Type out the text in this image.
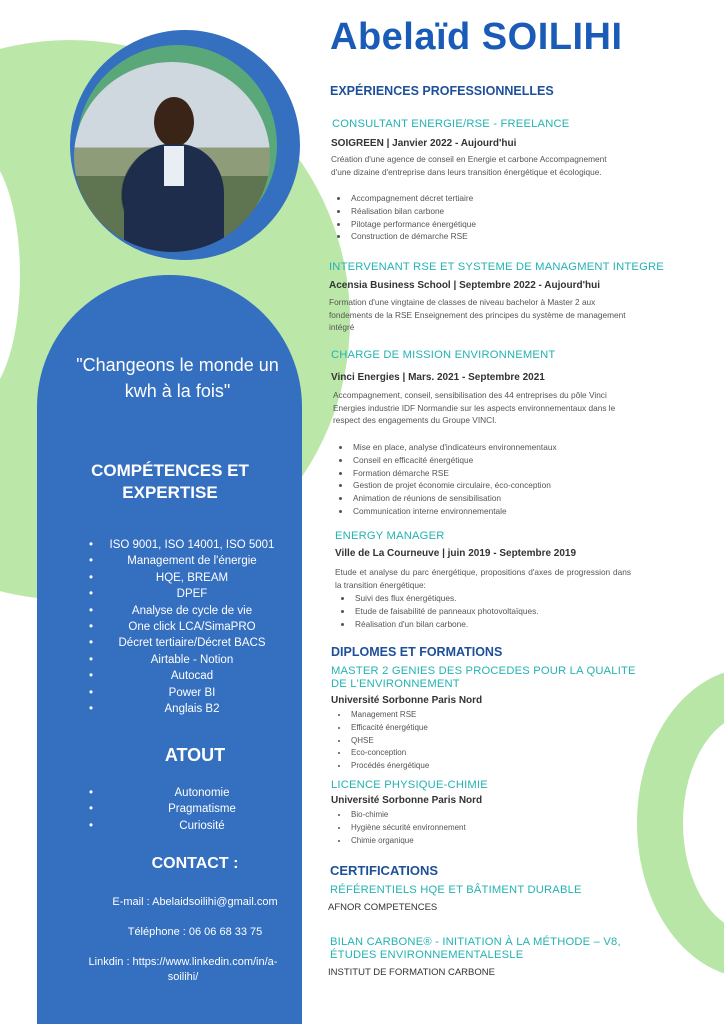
"Changeons le monde un kwh à la fois"
COMPÉTENCES ET EXPERTISE
• ISO 9001, ISO 14001, ISO 5001
• Management de l'énergie
• HQE, BREAM
• DPEF
• Analyse de cycle de vie
• One click LCA/SimaPRO
• Décret tertiaire/Décret BACS
• Airtable - Notion
• Autocad
• Power BI
• Anglais B2
ATOUT
• Autonomie
• Pragmatisme
• Curiosité
CONTACT :
E-mail : Abelaidsoilihi@gmail.com
Téléphone : 06 06 68 33 75
Linkdin : https://www.linkedin.com/in/a-soilihi/
Abelaïd SOILIHI
EXPÉRIENCES PROFESSIONNELLES
CONSULTANT ENERGIE/RSE - FREELANCE
SOIGREEN | Janvier 2022 - Aujourd'hui
Création d'une agence de conseil en Energie et carbone Accompagnement d'une dizaine d'entreprise dans leurs transition énergétique et écologique.
• Accompagnement décret tertiaire
• Réalisation bilan carbone
• Pilotage performance énergétique
• Construction de démarche RSE
INTERVENANT RSE ET SYSTEME DE MANAGMENT INTEGRE
Acensia Business School | Septembre 2022 - Aujourd'hui
Formation d'une vingtaine de classes de niveau bachelor à Master 2 aux fondements de la RSE Enseignement des principes du système de management intégré
CHARGE DE MISSION ENVIRONNEMENT
Vinci Energies | Mars. 2021 - Septembre 2021
Accompagnement, conseil, sensibilisation des 44 entreprises du pôle Vinci Energies industrie IDF Normandie sur les aspects environnementaux dans le respect des engagements du Groupe VINCI.
• Mise en place, analyse d'indicateurs environnementaux
• Conseil en efficacité énergétique
• Formation démarche RSE
• Gestion de projet économie circulaire, éco-conception
• Animation de réunions de sensibilisation
• Communication interne environnementale
ENERGY MANAGER
Ville de La Courneuve | juin 2019 - Septembre 2019
Etude et analyse du parc énergétique, propositions d'axes de progression dans la transition énergétique:
• Suivi des flux énergétiques.
• Etude de faisabilité de panneaux photovoltaïques.
• Réalisation d'un bilan carbone.
DIPLOMES ET FORMATIONS
MASTER 2 GENIES DES PROCEDES POUR LA QUALITE DE L'ENVIRONNEMENT
Université Sorbonne Paris Nord
• Management RSE
• Efficacité énergétique
• QHSE
• Eco-conception
• Procédés énergétique
LICENCE PHYSIQUE-CHIMIE
Université Sorbonne Paris Nord
• Bio-chimie
• Hygiène sécurité environnement
• Chimie organique
CERTIFICATIONS
RÉFÉRENTIELS HQE ET BÂTIMENT DURABLE
AFNOR COMPETENCES
BILAN CARBONE® - INITIATION À LA MÉTHODE – V8, ÉTUDES ENVIRONNEMENTALESLE
INSTITUT DE FORMATION CARBONE
